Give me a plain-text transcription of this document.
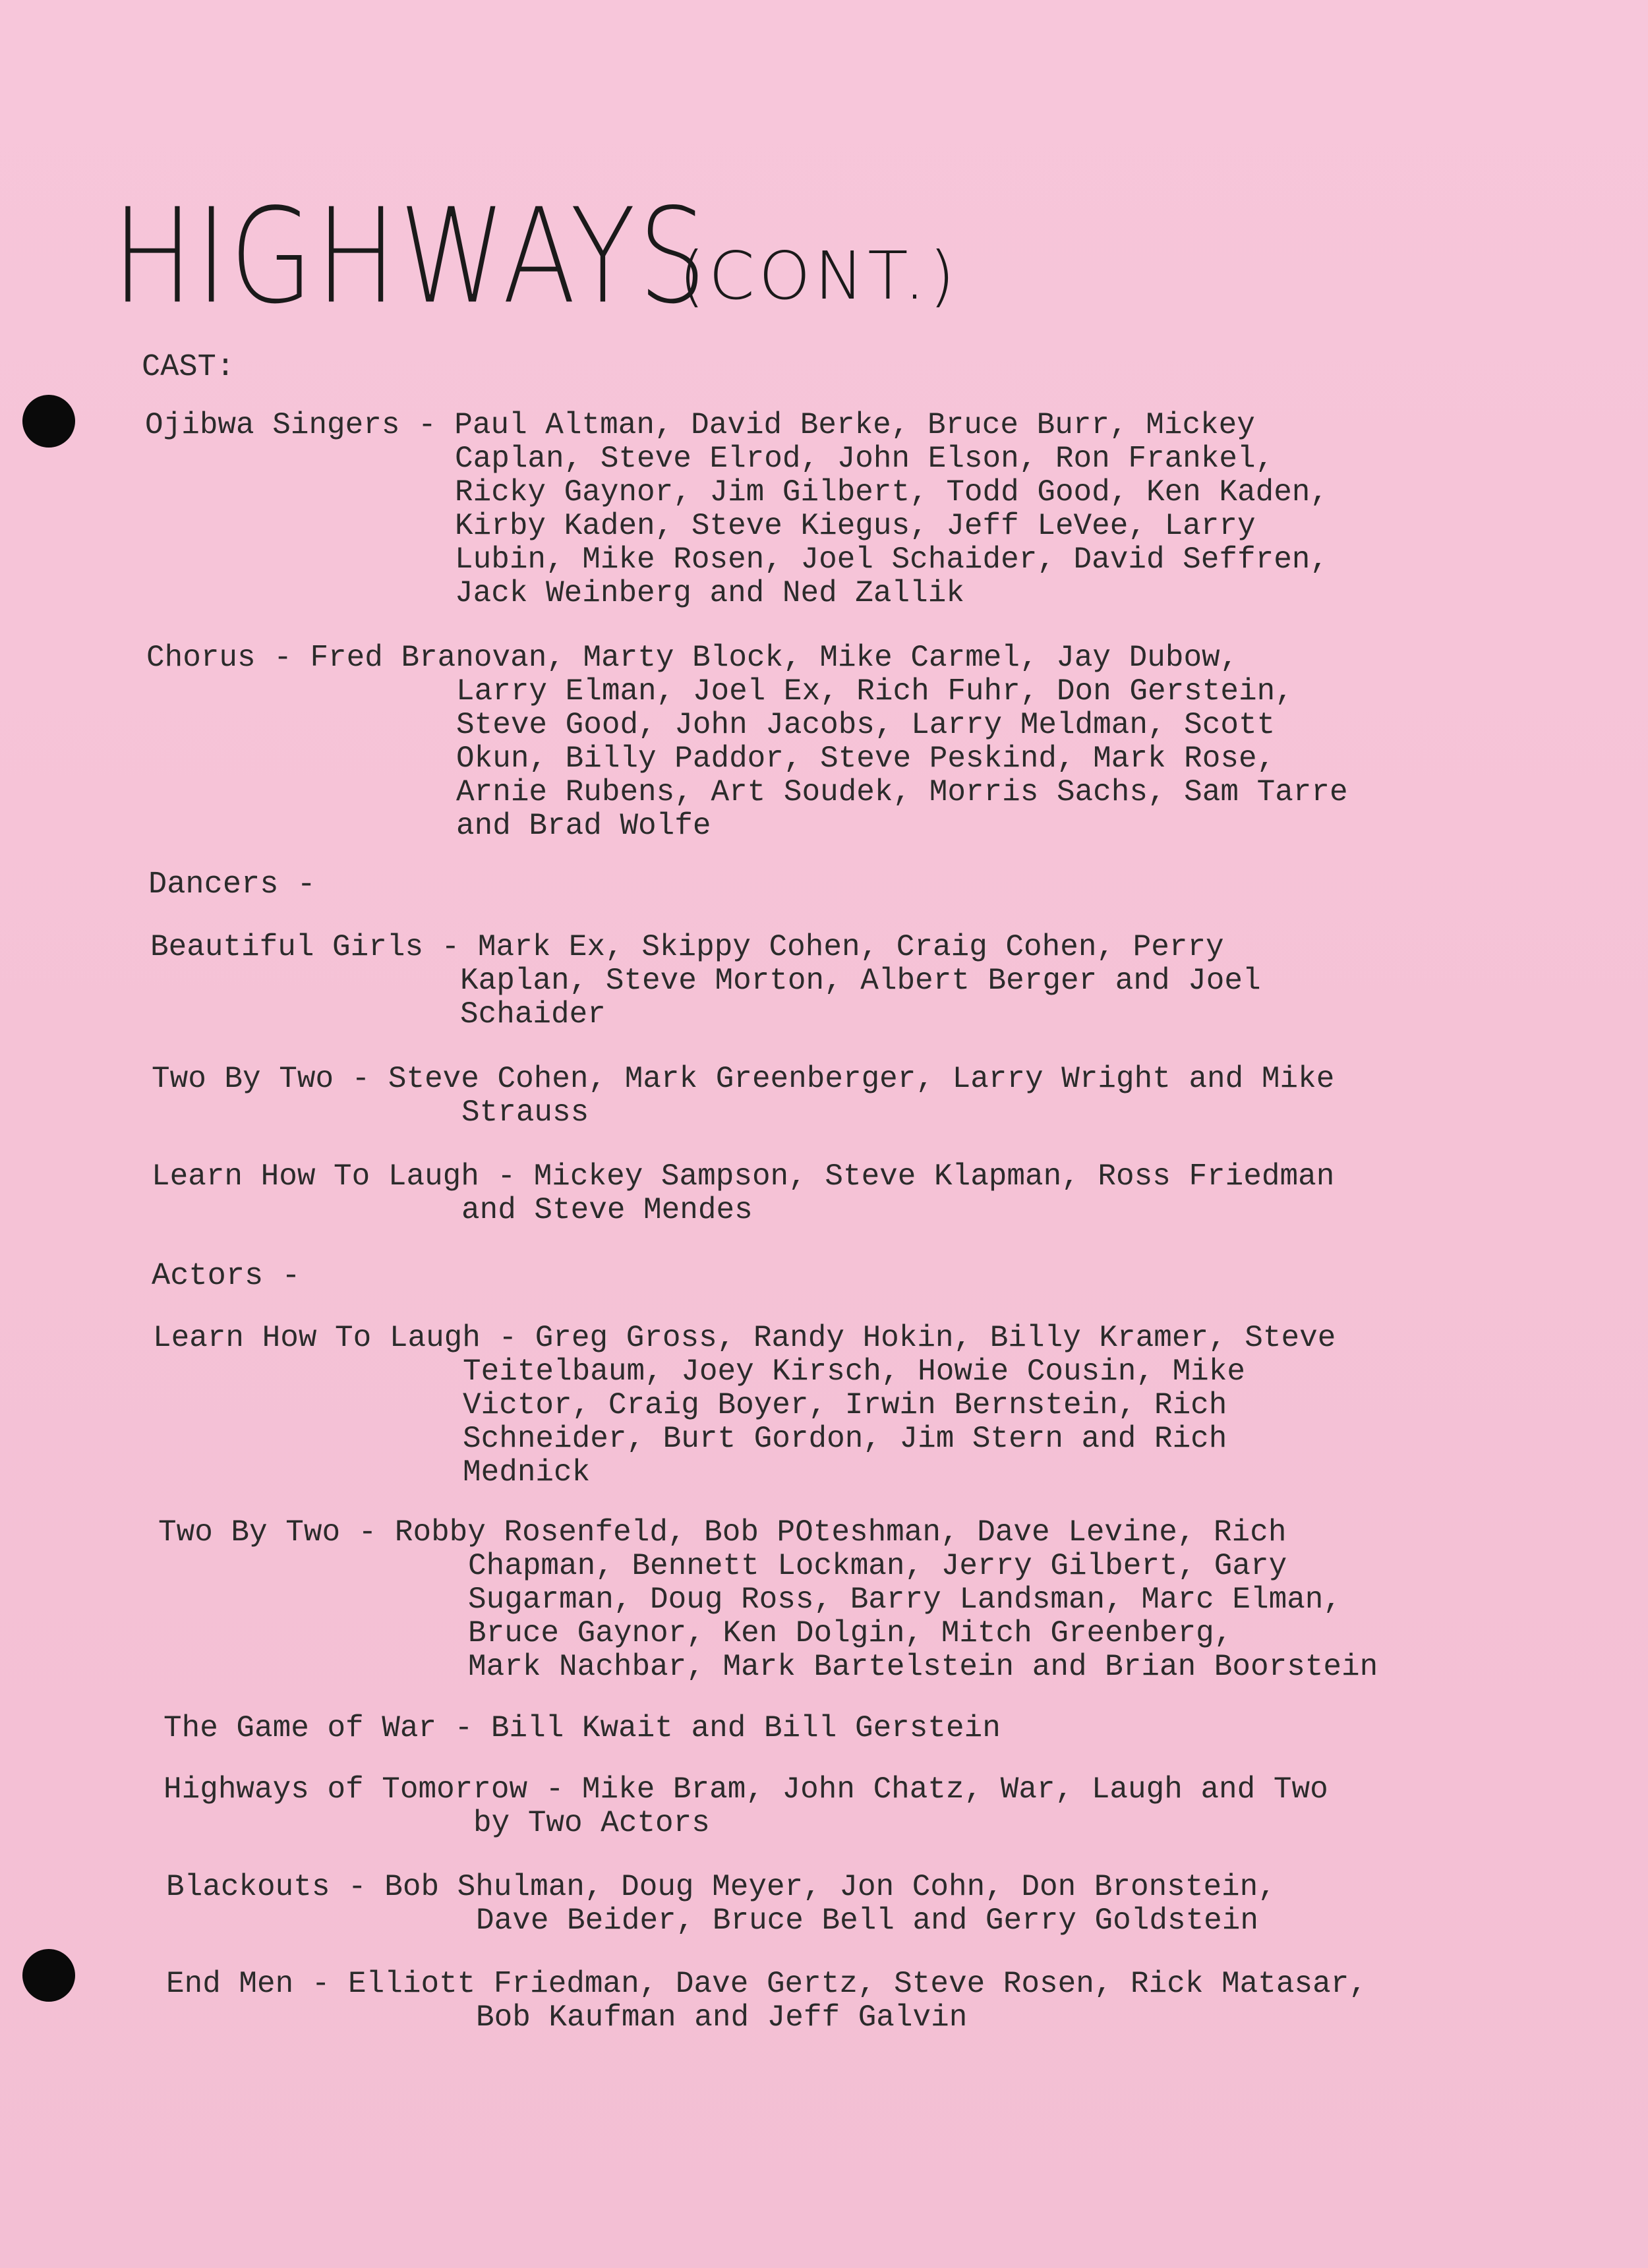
HIGHWAYS
(CONT.)
CAST:
Ojibwa Singers - Paul Altman, David Berke, Bruce Burr, Mickey
Caplan, Steve Elrod, John Elson, Ron Frankel,
Ricky Gaynor, Jim Gilbert, Todd Good, Ken Kaden,
Kirby Kaden, Steve Kiegus, Jeff LeVee, Larry
Lubin, Mike Rosen, Joel Schaider, David Seffren,
Jack Weinberg and Ned Zallik
Chorus - Fred Branovan, Marty Block, Mike Carmel, Jay Dubow,
Larry Elman, Joel Ex, Rich Fuhr, Don Gerstein,
Steve Good, John Jacobs, Larry Meldman, Scott
Okun, Billy Paddor, Steve Peskind, Mark Rose,
Arnie Rubens, Art Soudek, Morris Sachs, Sam Tarre
and Brad Wolfe
Dancers -
Beautiful Girls - Mark Ex, Skippy Cohen, Craig Cohen, Perry
Kaplan, Steve Morton, Albert Berger and Joel
Schaider
Two By Two - Steve Cohen, Mark Greenberger, Larry Wright and Mike
Strauss
Learn How To Laugh - Mickey Sampson, Steve Klapman, Ross Friedman
and Steve Mendes
Actors -
Learn How To Laugh - Greg Gross, Randy Hokin, Billy Kramer, Steve
Teitelbaum, Joey Kirsch, Howie Cousin, Mike
Victor, Craig Boyer, Irwin Bernstein, Rich
Schneider, Burt Gordon, Jim Stern and Rich
Mednick
Two By Two - Robby Rosenfeld, Bob POteshman, Dave Levine, Rich
Chapman, Bennett Lockman, Jerry Gilbert, Gary
Sugarman, Doug Ross, Barry Landsman, Marc Elman,
Bruce Gaynor, Ken Dolgin, Mitch Greenberg,
Mark Nachbar, Mark Bartelstein and Brian Boorstein
The Game of War - Bill Kwait and Bill Gerstein
Highways of Tomorrow - Mike Bram, John Chatz, War, Laugh and Two
by Two Actors
Blackouts - Bob Shulman, Doug Meyer, Jon Cohn, Don Bronstein,
Dave Beider, Bruce Bell and Gerry Goldstein
End Men - Elliott Friedman, Dave Gertz, Steve Rosen, Rick Matasar,
Bob Kaufman and Jeff Galvin
